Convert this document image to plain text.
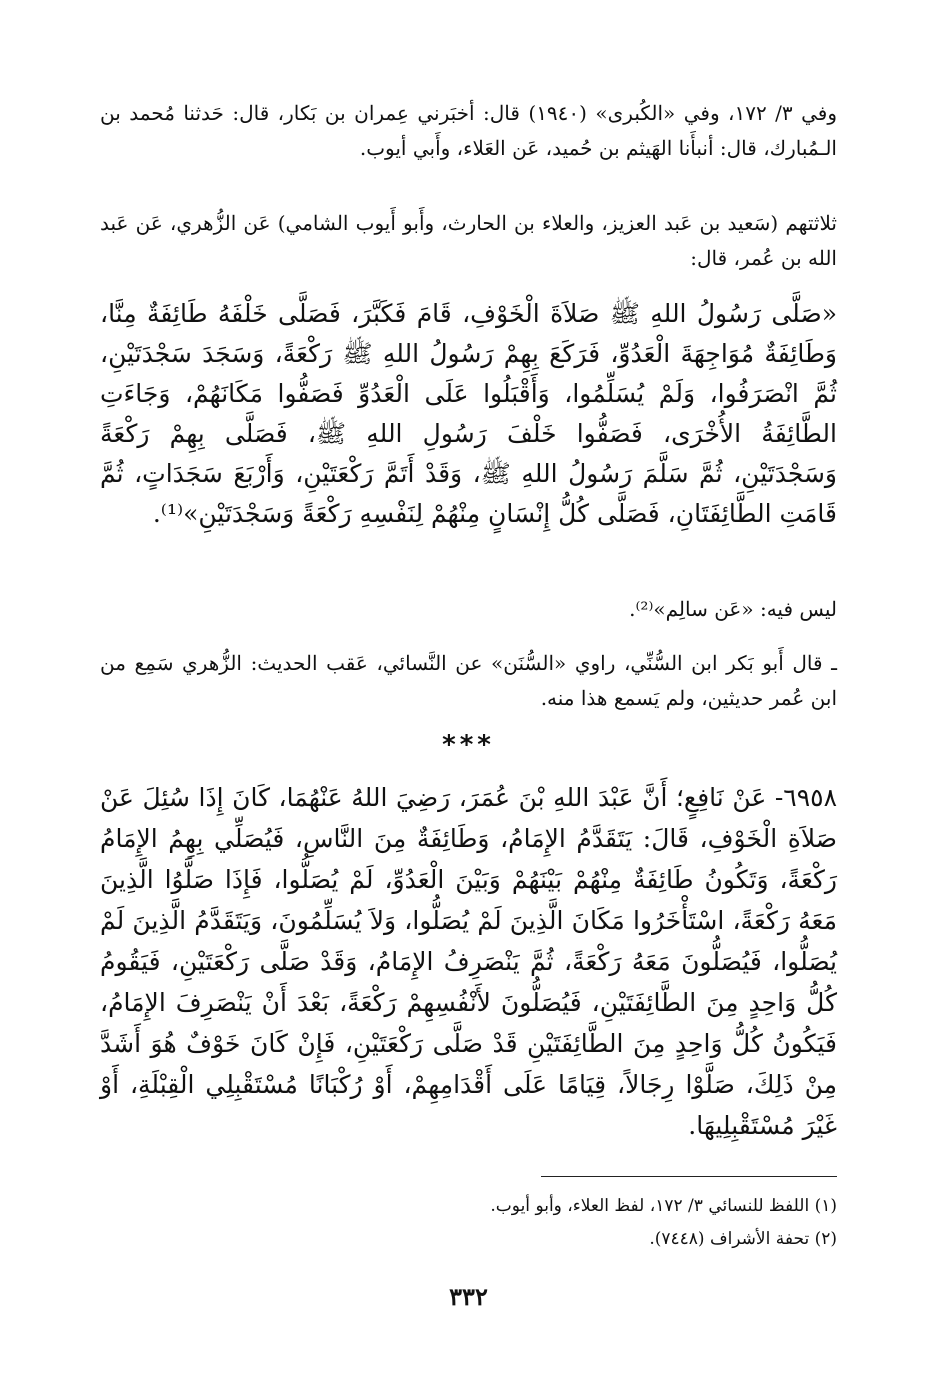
وفي ٣/ ١٧٢، وفي «الكُبرى» (١٩٤٠) قال: أخبَرني عِمران بن بَكار، قال: حَدثنا مُحمد بن الـمُبارك، قال: أنبأَنا الهَيثم بن حُميد، عَن العَلاء، وأَبي أيوب.
ثلاثتهم (سَعيد بن عَبد العزيز، والعلاء بن الحارث، وأَبو أَيوب الشامي) عَن الزُّهري، عَن عَبد الله بن عُمر، قال:
«صَلَّى رَسُولُ اللهِ ﷺ صَلاَةَ الْخَوْفِ، قَامَ فَكَبَّرَ، فَصَلَّى خَلْفَهُ طَائِفَةٌ مِنَّا، وَطَائِفَةٌ مُوَاجِهَةَ الْعَدُوِّ، فَرَكَعَ بِهِمْ رَسُولُ اللهِ ﷺ رَكْعَةً، وَسَجَدَ سَجْدَتَيْنِ، ثُمَّ انْصَرَفُوا، وَلَمْ يُسَلِّمُوا، وَأَقْبَلُوا عَلَى الْعَدُوِّ فَصَفُّوا مَكَانَهُمْ، وَجَاءَتِ الطَّائِفَةُ الأُخْرَى، فَصَفُّوا خَلْفَ رَسُولِ اللهِ ﷺ، فَصَلَّى بِهِمْ رَكْعَةً وَسَجْدَتَيْنِ، ثُمَّ سَلَّمَ رَسُولُ اللهِ ﷺ، وَقَدْ أَتَمَّ رَكْعَتَيْنِ، وَأَرْبَعَ سَجَدَاتٍ، ثُمَّ قَامَتِ الطَّائِفَتَانِ، فَصَلَّى كُلُّ إِنْسَانٍ مِنْهُمْ لِنَفْسِهِ رَكْعَةً وَسَجْدَتَيْنِ»⁽¹⁾.
ليس فيه: «عَن سالِم»⁽²⁾.
ـ قال أَبو بَكر ابن السُّنِّي، راوي «السُّنَن» عن النَّسائي، عَقب الحديث: الزُّهري سَمِع من ابن عُمر حديثين، ولم يَسمع هذا منه.
***
٦٩٥٨- عَنْ نَافِعٍ؛ أَنَّ عَبْدَ اللهِ بْنَ عُمَرَ، رَضِيَ اللهُ عَنْهُمَا، كَانَ إِذَا سُئِلَ عَنْ صَلاَةِ الْخَوْفِ، قَالَ: يَتَقَدَّمُ الإِمَامُ، وَطَائِفَةٌ مِنَ النَّاسِ، فَيُصَلِّي بِهِمُ الإِمَامُ رَكْعَةً، وَتَكُونُ طَائِفَةٌ مِنْهُمْ بَيْنَهُمْ وَبَيْنَ الْعَدُوِّ، لَمْ يُصَلُّوا، فَإِذَا صَلَّوُا الَّذِينَ مَعَهُ رَكْعَةً، اسْتَأْخَرُوا مَكَانَ الَّذِينَ لَمْ يُصَلُّوا، وَلاَ يُسَلِّمُونَ، وَيَتَقَدَّمُ الَّذِينَ لَمْ يُصَلُّوا، فَيُصَلُّونَ مَعَهُ رَكْعَةً، ثُمَّ يَنْصَرِفُ الإِمَامُ، وَقَدْ صَلَّى رَكْعَتَيْنِ، فَيَقُومُ كُلُّ وَاحِدٍ مِنَ الطَّائِفَتَيْنِ، فَيُصَلُّونَ لأَنْفُسِهِمْ رَكْعَةً، بَعْدَ أَنْ يَنْصَرِفَ الإِمَامُ، فَيَكُونُ كُلُّ وَاحِدٍ مِنَ الطَّائِفَتَيْنِ قَدْ صَلَّى رَكْعَتَيْنِ، فَإِنْ كَانَ خَوْفٌ هُوَ أَشَدَّ مِنْ ذَلِكَ، صَلَّوْا رِجَالاً، قِيَامًا عَلَى أَقْدَامِهِمْ، أَوْ رُكْبَانًا مُسْتَقْبِلِي الْقِبْلَةِ، أَوْ غَيْرَ مُسْتَقْبِلِيهَا.
(١) اللفظ للنسائي ٣/ ١٧٢، لفظ العلاء، وأبو أيوب.
(٢) تحفة الأشراف (٧٤٤٨).
٣٣٢
